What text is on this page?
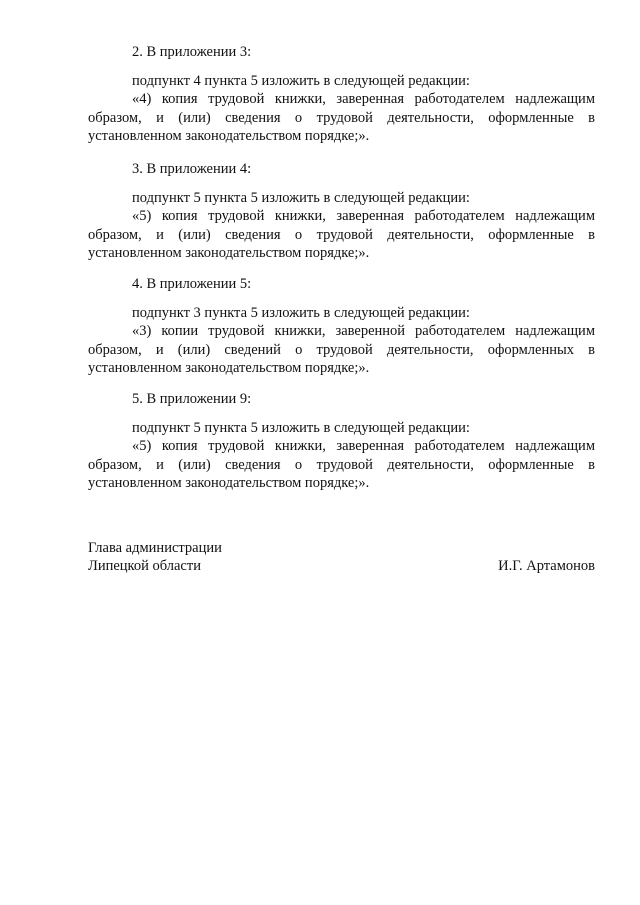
2. В приложении 3:

подпункт 4 пункта 5 изложить в следующей редакции:

«4) копия трудовой книжки, заверенная работодателем надлежащим образом, и (или) сведения о трудовой деятельности, оформленные в установленном законодательством порядке;».

3. В приложении 4:

подпункт 5 пункта 5 изложить в следующей редакции:

«5) копия трудовой книжки, заверенная работодателем надлежащим образом, и (или) сведения о трудовой деятельности, оформленные в установленном законодательством порядке;».

4. В приложении 5:

подпункт 3 пункта 5 изложить в следующей редакции:

«3) копии трудовой книжки, заверенной работодателем надлежащим образом, и (или) сведений о трудовой деятельности, оформленных в установленном законодательством порядке;».

5. В приложении 9:

подпункт 5 пункта 5 изложить в следующей редакции:

«5) копия трудовой книжки, заверенная работодателем надлежащим образом, и (или) сведения о трудовой деятельности, оформленные в установленном законодательством порядке;».

Глава администрации
Липецкой области	И.Г. Артамонов
